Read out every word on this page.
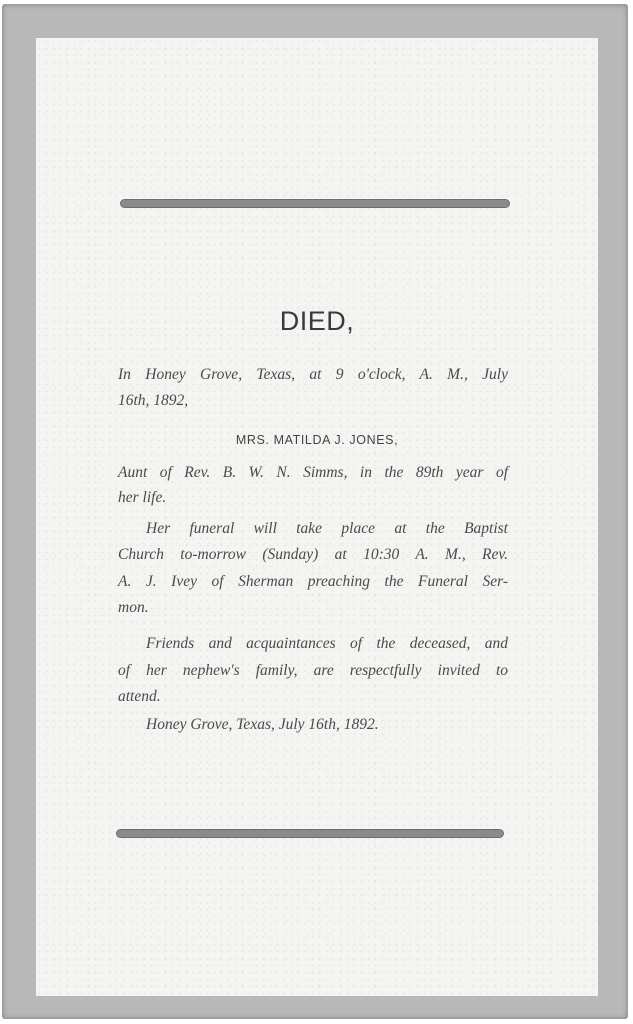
DIED,
In Honey Grove, Texas, at 9 o'clock, A. M., July
16th, 1892,
MRS. MATILDA J. JONES,
Aunt of Rev. B. W. N. Simms, in the 89th year of
her life.
Her funeral will take place at the Baptist
Church to-morrow (Sunday) at 10:30 A. M., Rev.
A. J. Ivey of Sherman preaching the Funeral Ser-
mon.
Friends and acquaintances of the deceased, and
of her nephew's family, are respectfully invited to
attend.
Honey Grove, Texas, July 16th, 1892.
